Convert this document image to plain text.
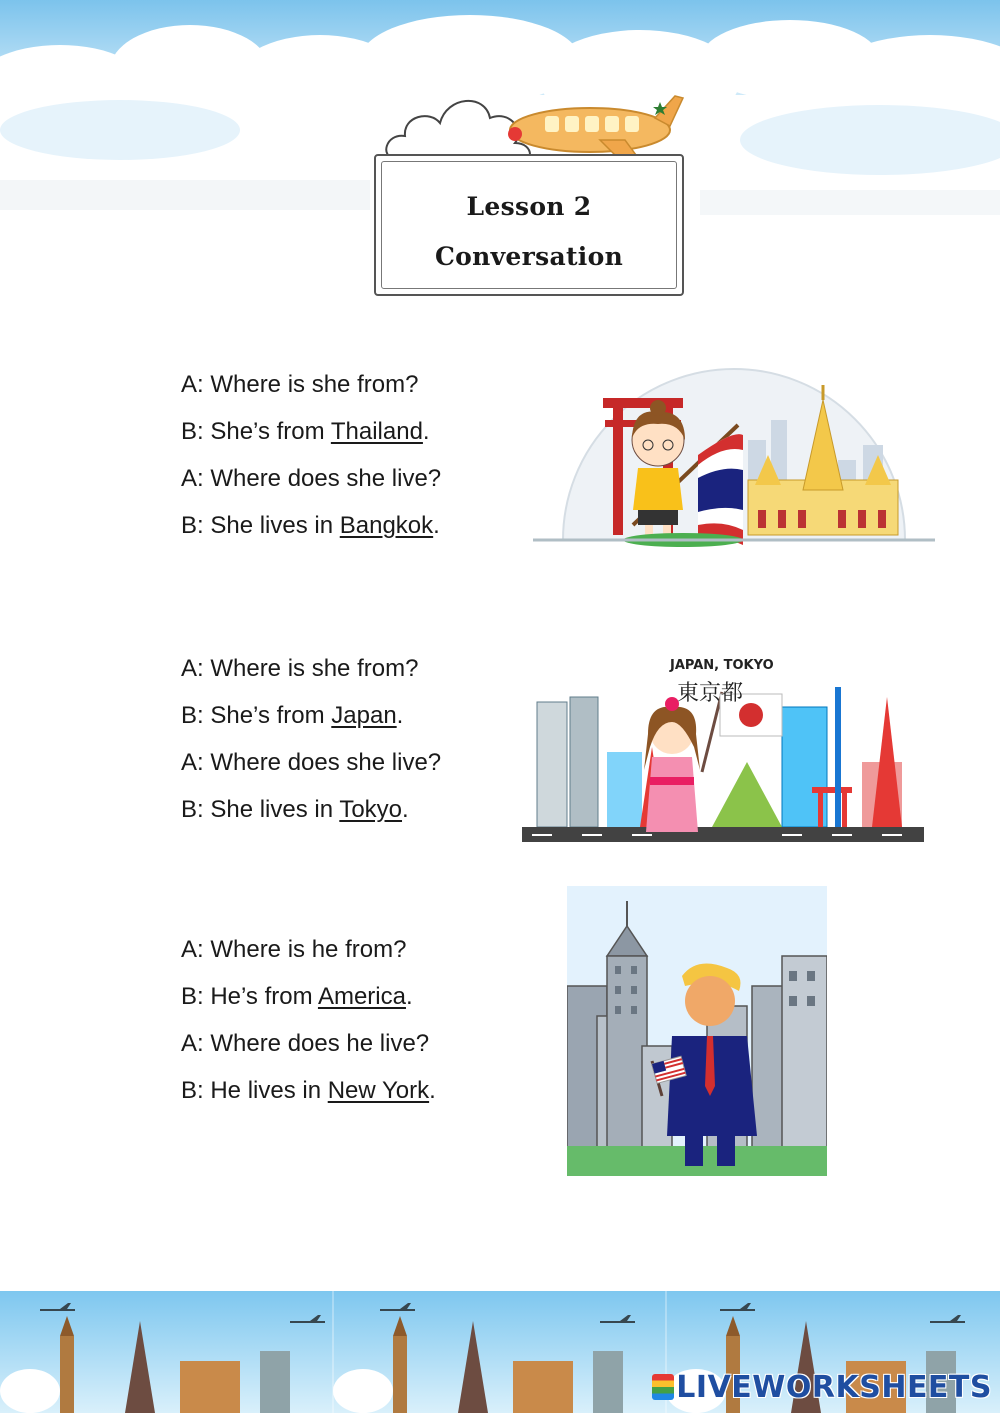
Lesson 2
Conversation
A: Where is she from?
B: She’s from Thailand.
A: Where does she live?
B: She lives in Bangkok.
A: Where is she from?
B: She’s from Japan.
A: Where does she live?
B: She lives in Tokyo.
JAPAN, TOKYO
東京都
A: Where is he from?
B: He’s from America.
A: Where does he live?
B: He lives in New York.
LIVEWORKSHEETS
